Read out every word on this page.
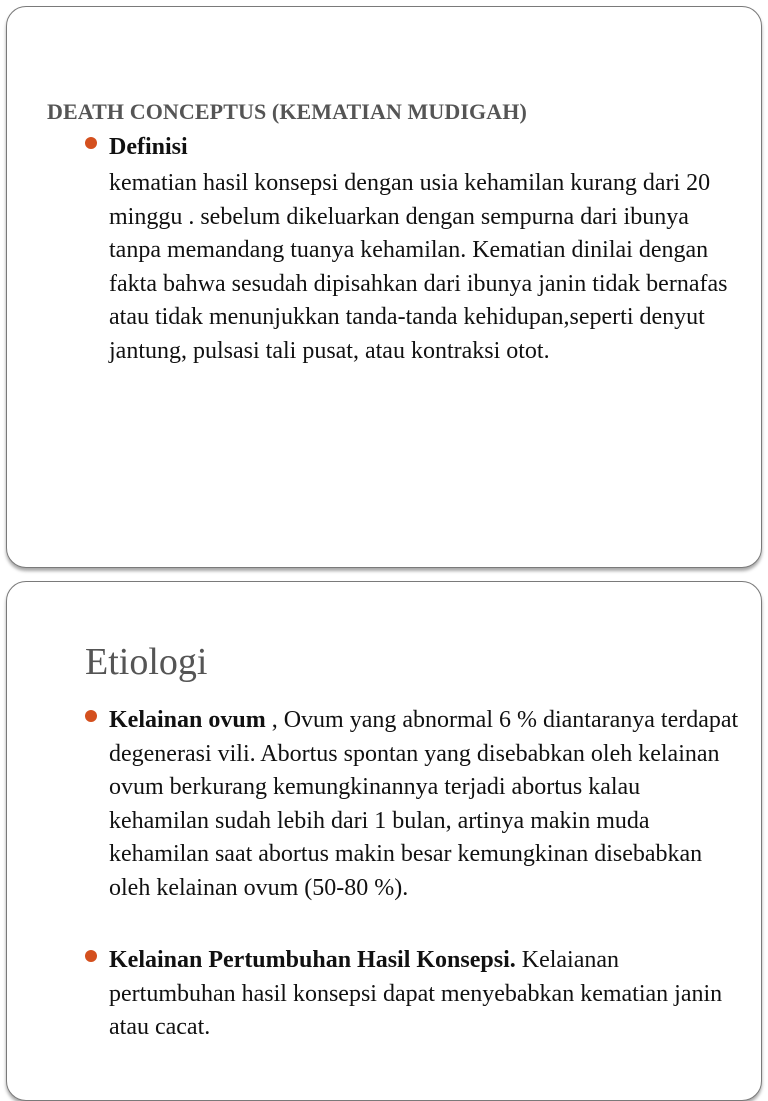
DEATH CONCEPTUS (KEMATIAN MUDIGAH)
Definisi
kematian hasil konsepsi dengan usia kehamilan kurang dari 20 minggu . sebelum dikeluarkan dengan sempurna dari ibunya tanpa memandang tuanya kehamilan. Kematian dinilai dengan fakta bahwa sesudah dipisahkan dari ibunya janin tidak bernafas atau tidak menunjukkan tanda-tanda kehidupan,seperti denyut jantung, pulsasi tali pusat, atau kontraksi otot.
Etiologi
Kelainan ovum , Ovum yang abnormal 6 % diantaranya terdapat degenerasi vili. Abortus spontan yang disebabkan oleh kelainan ovum berkurang kemungkinannya terjadi abortus kalau kehamilan sudah lebih dari 1 bulan, artinya makin muda kehamilan saat abortus makin besar kemungkinan disebabkan oleh kelainan ovum (50-80 %).
Kelainan Pertumbuhan Hasil Konsepsi. Kelaianan pertumbuhan hasil konsepsi dapat menyebabkan kematian janin atau cacat.
